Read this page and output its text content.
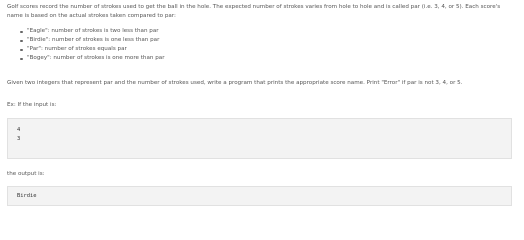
Golf scores record the number of strokes used to get the ball in the hole. The expected number of strokes varies from hole to hole and is called par (i.e. 3, 4, or 5). Each score's name is based on the actual strokes taken compared to par:

"Eagle": number of strokes is two less than par
"Birdie": number of strokes is one less than par
"Par": number of strokes equals par
"Bogey": number of strokes is one more than par

Given two integers that represent par and the number of strokes used, write a program that prints the appropriate score name. Print "Error" if par is not 3, 4, or 5.

Ex: If the input is:

4
3

the output is:

Birdie
